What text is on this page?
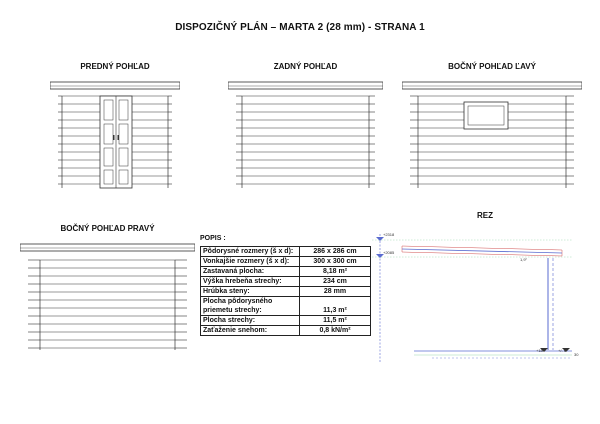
DISPOZIČNÝ PLÁN – MARTA 2 (28 mm) - STRANA 1
PREDNÝ POHĽAD	ZADNÝ POHĽAD	BOČNÝ POHĽAD ĽAVÝ
BOČNÝ POHĽAD PRAVÝ
POPIS :
Pôdorysné rozmery (š x d):	286 x 286 cm
Vonkajšie rozmery (š x d):	300 x 300 cm
Zastavaná plocha:	8,18 m²
Výška hrebeňa strechy:	234 cm
Hrúbka steny:	28 mm
Plocha pôdorysného	
priemetu strechy:	11,3 m²
Plocha strechy:	11,5 m²
Zaťaženie snehom:	0,8 kN/m²
REZ
+2318
+2085
1,9°
+18	+/- 0
30
